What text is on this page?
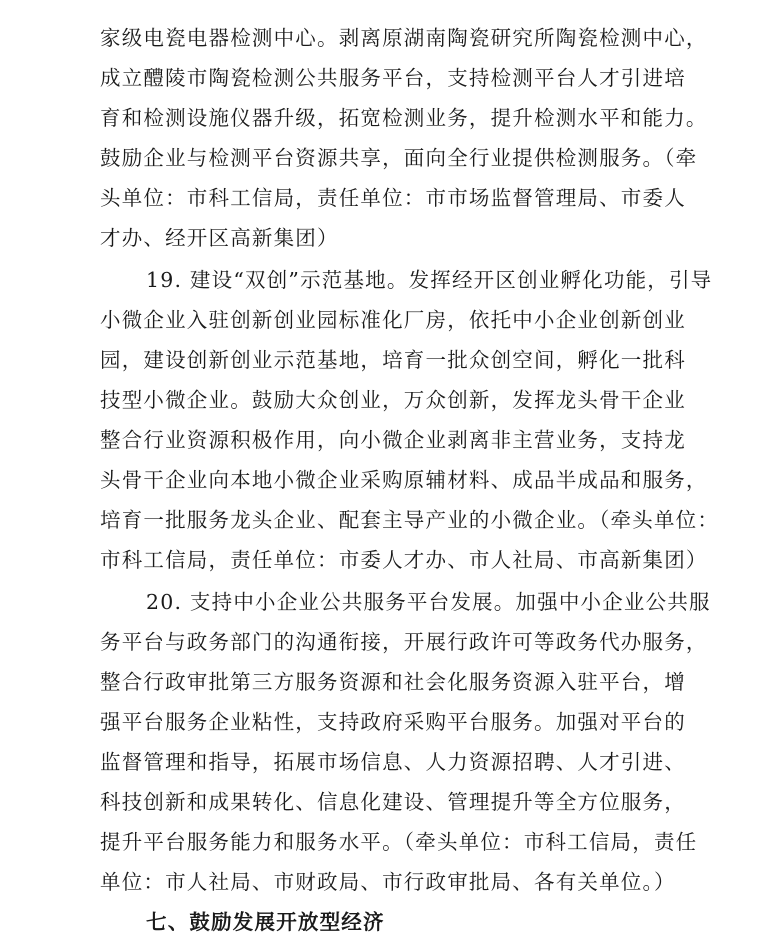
家级电瓷电器检测中心。剥离原湖南陶瓷研究所陶瓷检测中心，
成立醴陵市陶瓷检测公共服务平台，支持检测平台人才引进培
育和检测设施仪器升级，拓宽检测业务，提升检测水平和能力。
鼓励企业与检测平台资源共享，面向全行业提供检测服务。（牵
头单位：市科工信局，责任单位：市市场监督管理局、市委人
才办、经开区高新集团）
19. 建设“双创”示范基地。发挥经开区创业孵化功能，引导
小微企业入驻创新创业园标准化厂房，依托中小企业创新创业
园，建设创新创业示范基地，培育一批众创空间，孵化一批科
技型小微企业。鼓励大众创业，万众创新，发挥龙头骨干企业
整合行业资源积极作用，向小微企业剥离非主营业务，支持龙
头骨干企业向本地小微企业采购原辅材料、成品半成品和服务，
培育一批服务龙头企业、配套主导产业的小微企业。（牵头单位：
市科工信局，责任单位：市委人才办、市人社局、市高新集团）
20. 支持中小企业公共服务平台发展。加强中小企业公共服
务平台与政务部门的沟通衔接，开展行政许可等政务代办服务，
整合行政审批第三方服务资源和社会化服务资源入驻平台，增
强平台服务企业粘性，支持政府采购平台服务。加强对平台的
监督管理和指导，拓展市场信息、人力资源招聘、人才引进、
科技创新和成果转化、信息化建设、管理提升等全方位服务，
提升平台服务能力和服务水平。（牵头单位：市科工信局，责任
单位：市人社局、市财政局、市行政审批局、各有关单位。）
七、鼓励发展开放型经济
